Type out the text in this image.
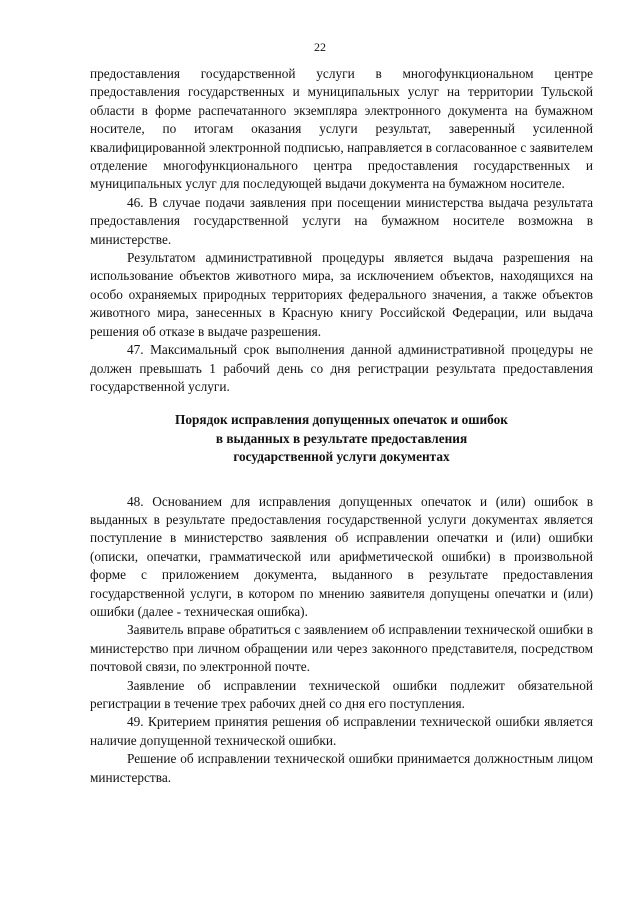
22

предоставления государственной услуги в многофункциональном центре предоставления государственных и муниципальных услуг на территории Тульской области в форме распечатанного экземпляра электронного документа на бумажном носителе, по итогам оказания услуги результат, заверенный усиленной квалифицированной электронной подписью, направляется в согласованное с заявителем отделение многофункционального центра предоставления государственных и муниципальных услуг для последующей выдачи документа на бумажном носителе.

46. В случае подачи заявления при посещении министерства выдача результата предоставления государственной услуги на бумажном носителе возможна в министерстве.

Результатом административной процедуры является выдача разрешения на использование объектов животного мира, за исключением объектов, находящихся на особо охраняемых природных территориях федерального значения, а также объектов животного мира, занесенных в Красную книгу Российской Федерации, или выдача решения об отказе в выдаче разрешения.

47. Максимальный срок выполнения данной административной процедуры не должен превышать 1 рабочий день со дня регистрации результата предоставления государственной услуги.

Порядок исправления допущенных опечаток и ошибок
в выданных в результате предоставления
государственной услуги документах

48. Основанием для исправления допущенных опечаток и (или) ошибок в выданных в результате предоставления государственной услуги документах является поступление в министерство заявления об исправлении опечатки и (или) ошибки (описки, опечатки, грамматической или арифметической ошибки) в произвольной форме с приложением документа, выданного в результате предоставления государственной услуги, в котором по мнению заявителя допущены опечатки и (или) ошибки (далее - техническая ошибка).

Заявитель вправе обратиться с заявлением об исправлении технической ошибки в министерство при личном обращении или через законного представителя, посредством почтовой связи, по электронной почте.

Заявление об исправлении технической ошибки подлежит обязательной регистрации в течение трех рабочих дней со дня его поступления.

49. Критерием принятия решения об исправлении технической ошибки является наличие допущенной технической ошибки.

Решение об исправлении технической ошибки принимается должностным лицом министерства.
